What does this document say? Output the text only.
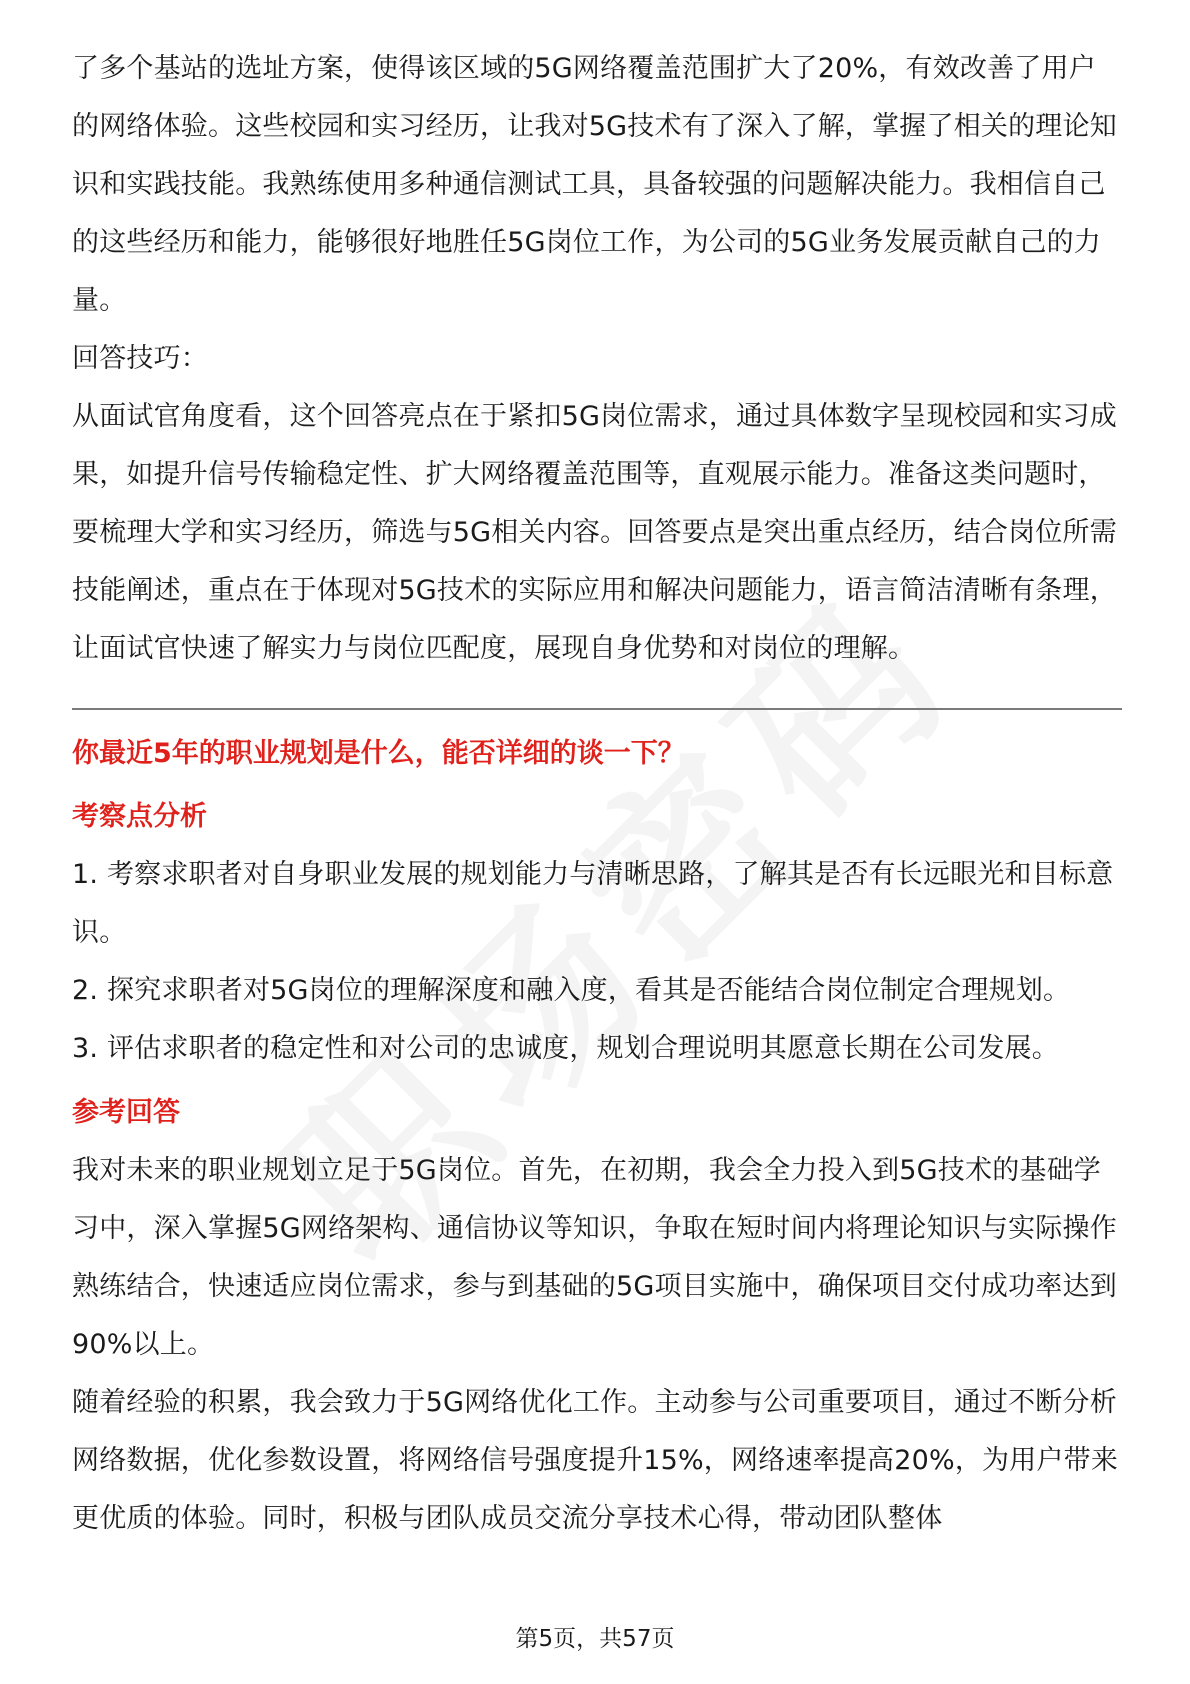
了多个基站的选址方案，使得该区域的5G网络覆盖范围扩大了20%，有效改善了用户的网络体验。这些校园和实习经历，让我对5G技术有了深入了解，掌握了相关的理论知识和实践技能。我熟练使用多种通信测试工具，具备较强的问题解决能力。我相信自己的这些经历和能力，能够很好地胜任5G岗位工作，为公司的5G业务发展贡献自己的力量。

回答技巧：

从面试官角度看，这个回答亮点在于紧扣5G岗位需求，通过具体数字呈现校园和实习成果，如提升信号传输稳定性、扩大网络覆盖范围等，直观展示能力。准备这类问题时，要梳理大学和实习经历，筛选与5G相关内容。回答要点是突出重点经历，结合岗位所需技能阐述，重点在于体现对5G技术的实际应用和解决问题能力，语言简洁清晰有条理，让面试官快速了解实力与岗位匹配度，展现自身优势和对岗位的理解。

你最近5年的职业规划是什么，能否详细的谈一下？
考察点分析

1. 考察求职者对自身职业发展的规划能力与清晰思路，了解其是否有长远眼光和目标意识。

2. 探究求职者对5G岗位的理解深度和融入度，看其是否能结合岗位制定合理规划。

3. 评估求职者的稳定性和对公司的忠诚度，规划合理说明其愿意长期在公司发展。

参考回答

我对未来的职业规划立足于5G岗位。首先，在初期，我会全力投入到5G技术的基础学习中，深入掌握5G网络架构、通信协议等知识，争取在短时间内将理论知识与实际操作熟练结合，快速适应岗位需求，参与到基础的5G项目实施中，确保项目交付成功率达到90%以上。

随着经验的积累，我会致力于5G网络优化工作。主动参与公司重要项目，通过不断分析网络数据，优化参数设置，将网络信号强度提升15%，网络速率提高20%，为用户带来更优质的体验。同时，积极与团队成员交流分享技术心得，带动团队整体

第5页，共57页
